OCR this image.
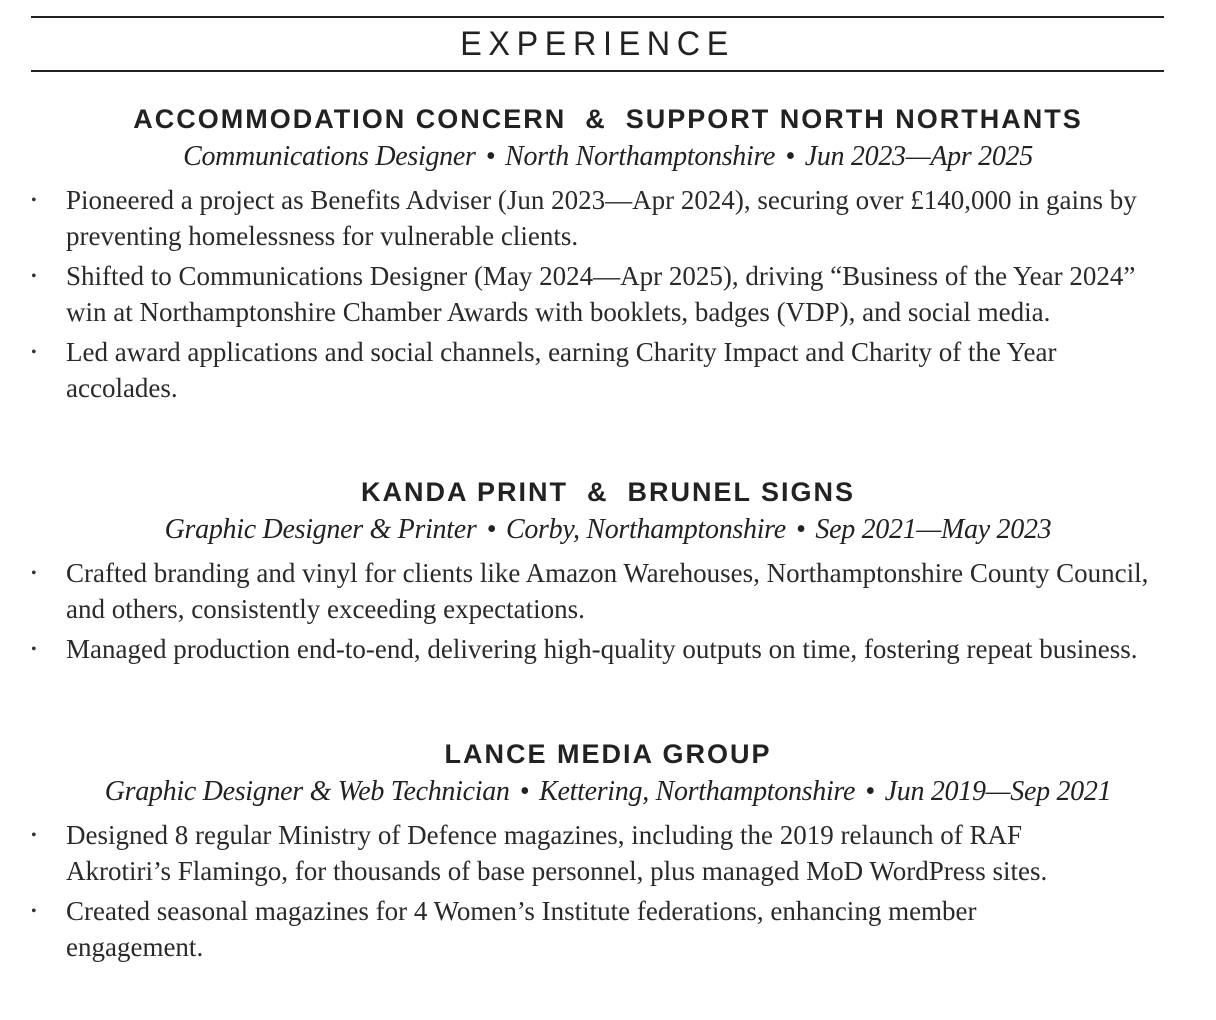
EXPERIENCE
ACCOMMODATION CONCERN  &  SUPPORT NORTH NORTHANTS
Communications Designer • North Northamptonshire • Jun 2023—Apr 2025
• Pioneered a project as Benefits Adviser (Jun 2023—Apr 2024), securing over £140,000 in gains by preventing homelessness for vulnerable clients.
• Shifted to Communications Designer (May 2024—Apr 2025), driving “Business of the Year 2024” win at Northamptonshire Chamber Awards with booklets, badges (VDP), and social media.
• Led award applications and social channels, earning Charity Impact and Charity of the Year accolades.
KANDA PRINT  &  BRUNEL SIGNS
Graphic Designer & Printer • Corby, Northamptonshire • Sep 2021—May 2023
• Crafted branding and vinyl for clients like Amazon Warehouses, Northamptonshire County Council, and others, consistently exceeding expectations.
• Managed production end-to-end, delivering high-quality outputs on time, fostering repeat business.
LANCE MEDIA GROUP
Graphic Designer & Web Technician • Kettering, Northamptonshire • Jun 2019—Sep 2021
• Designed 8 regular Ministry of Defence magazines, including the 2019 relaunch of RAF Akrotiri’s Flamingo, for thousands of base personnel, plus managed MoD WordPress sites.
• Created seasonal magazines for 4 Women’s Institute federations, enhancing member engagement.
